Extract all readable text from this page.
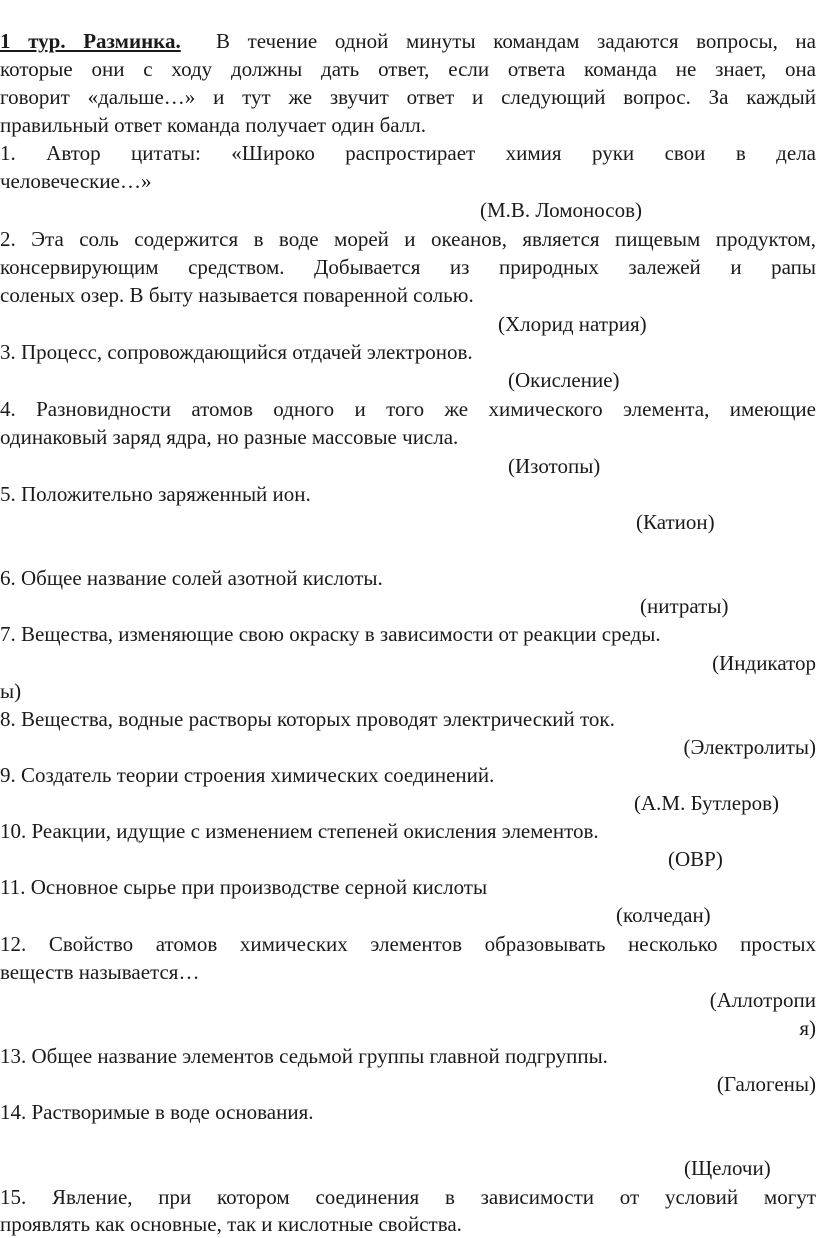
1 тур. Разминка. В течение одной минуты командам задаются вопросы, на
которые они с ходу должны дать ответ, если ответа команда не знает, она
говорит «дальше…» и тут же звучит ответ и следующий вопрос. За каждый
правильный ответ команда получает один балл.
1. Автор цитаты: «Широко распростирает химия руки свои в дела
человеческие…»
(М.В. Ломоносов)
2. Эта соль содержится в воде морей и океанов, является пищевым продуктом,
консервирующим средством. Добывается из природных залежей и рапы
соленых озер. В быту называется поваренной солью.
(Хлорид натрия)
3. Процесс, сопровождающийся отдачей электронов.
(Окисление)
4. Разновидности атомов одного и того же химического элемента, имеющие
одинаковый заряд ядра, но разные массовые числа.
(Изотопы)
5. Положительно заряженный ион.
(Катион)
6. Общее название солей азотной кислоты.
(нитраты)
7. Вещества, изменяющие свою окраску в зависимости от реакции среды.
(Индикатор
ы)
8. Вещества, водные растворы которых проводят электрический ток.
(Электролиты)
9. Создатель теории строения химических соединений.
(А.М. Бутлеров)
10. Реакции, идущие с изменением степеней окисления элементов.
(ОВР)
11. Основное сырье при производстве серной кислоты
(колчедан)
12. Свойство атомов химических элементов образовывать несколько простых
веществ называется…
(Аллотропи
я)
13. Общее название элементов седьмой группы главной подгруппы.
(Галогены)
14. Растворимые в воде основания.
(Щелочи)
15. Явление, при котором соединения в зависимости от условий могут
проявлять как основные, так и кислотные свойства.
